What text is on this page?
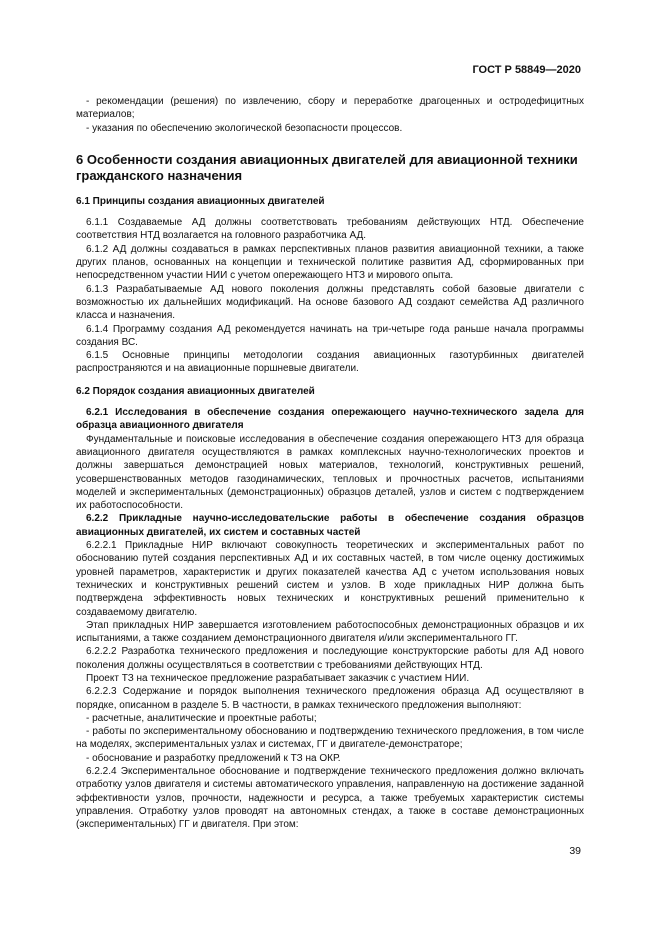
ГОСТ Р 58849—2020

- рекомендации (решения) по извлечению, сбору и переработке драгоценных и остродефицитных материалов;

- указания по обеспечению экологической безопасности процессов.

6 Особенности создания авиационных двигателей для авиационной техники гражданского назначения

6.1 Принципы создания авиационных двигателей

6.1.1 Создаваемые АД должны соответствовать требованиям действующих НТД. Обеспечение соответствия НТД возлагается на головного разработчика АД.

6.1.2 АД должны создаваться в рамках перспективных планов развития авиационной техники, а также других планов, основанных на концепции и технической политике развития АД, сформированных при непосредственном участии НИИ с учетом опережающего НТЗ и мирового опыта.

6.1.3 Разрабатываемые АД нового поколения должны представлять собой базовые двигатели с возможностью их дальнейших модификаций. На основе базового АД создают семейства АД различного класса и назначения.

6.1.4 Программу создания АД рекомендуется начинать на три-четыре года раньше начала программы создания ВС.

6.1.5 Основные принципы методологии создания авиационных газотурбинных двигателей распространяются и на авиационные поршневые двигатели.

6.2 Порядок создания авиационных двигателей

6.2.1 Исследования в обеспечение создания опережающего научно-технического задела для образца авиационного двигателя

Фундаментальные и поисковые исследования в обеспечение создания опережающего НТЗ для образца авиационного двигателя осуществляются в рамках комплексных научно-технологических проектов и должны завершаться демонстрацией новых материалов, технологий, конструктивных решений, усовершенствованных методов газодинамических, тепловых и прочностных расчетов, испытаниями моделей и экспериментальных (демонстрационных) образцов деталей, узлов и систем с подтверждением их работоспособности.

6.2.2 Прикладные научно-исследовательские работы в обеспечение создания образцов авиационных двигателей, их систем и составных частей

6.2.2.1 Прикладные НИР включают совокупность теоретических и экспериментальных работ по обоснованию путей создания перспективных АД и их составных частей, в том числе оценку достижимых уровней параметров, характеристик и других показателей качества АД с учетом использования новых технических и конструктивных решений систем и узлов. В ходе прикладных НИР должна быть подтверждена эффективность новых технических и конструктивных решений применительно к создаваемому двигателю.

Этап прикладных НИР завершается изготовлением работоспособных демонстрационных образцов и их испытаниями, а также созданием демонстрационного двигателя и/или экспериментального ГГ.

6.2.2.2 Разработка технического предложения и последующие конструкторские работы для АД нового поколения должны осуществляться в соответствии с требованиями действующих НТД.

Проект ТЗ на техническое предложение разрабатывает заказчик с участием НИИ.

6.2.2.3 Содержание и порядок выполнения технического предложения образца АД осуществляют в порядке, описанном в разделе 5. В частности, в рамках технического предложения выполняют:

- расчетные, аналитические и проектные работы;

- работы по экспериментальному обоснованию и подтверждению технического предложения, в том числе на моделях, экспериментальных узлах и системах, ГГ и двигателе-демонстраторе;

- обоснование и разработку предложений к ТЗ на ОКР.

6.2.2.4 Экспериментальное обоснование и подтверждение технического предложения должно включать отработку узлов двигателя и системы автоматического управления, направленную на достижение заданной эффективности узлов, прочности, надежности и ресурса, а также требуемых характеристик системы управления. Отработку узлов проводят на автономных стендах, а также в составе демонстрационных (экспериментальных) ГГ и двигателя. При этом:

39
